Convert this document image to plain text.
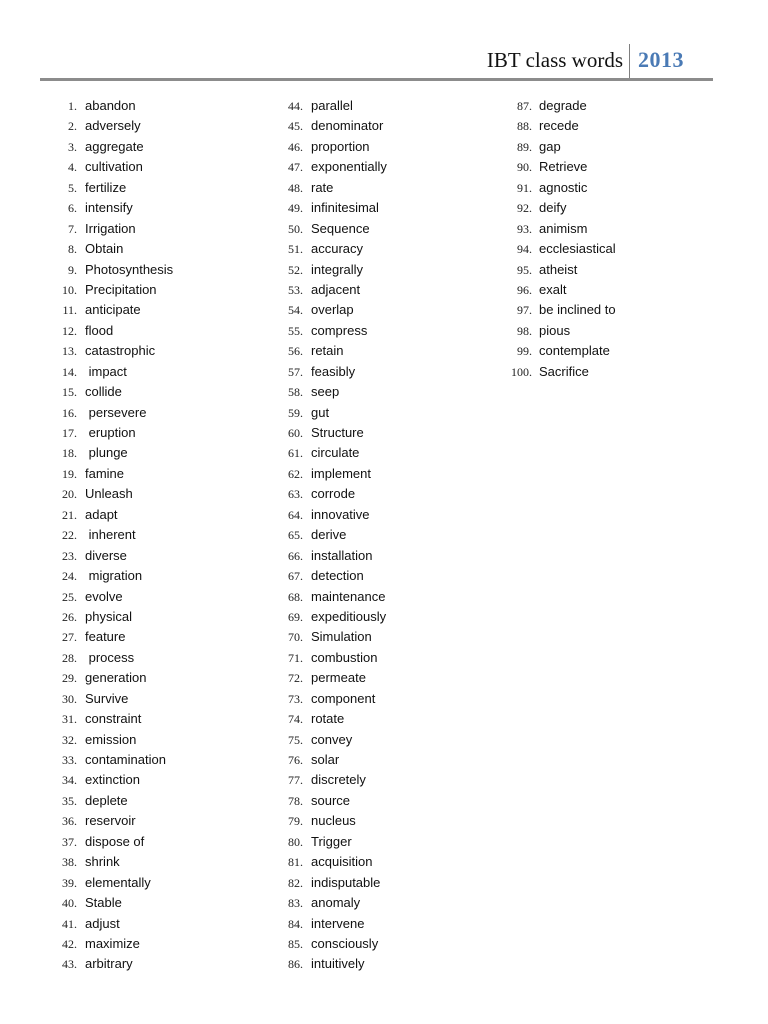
IBT class words 2013
1. abandon
2. adversely
3. aggregate
4. cultivation
5. fertilize
6. intensify
7. Irrigation
8. Obtain
9. Photosynthesis
10. Precipitation
11. anticipate
12. flood
13. catastrophic
14. impact
15. collide
16. persevere
17. eruption
18. plunge
19. famine
20. Unleash
21. adapt
22. inherent
23. diverse
24. migration
25. evolve
26. physical
27. feature
28. process
29. generation
30. Survive
31. constraint
32. emission
33. contamination
34. extinction
35. deplete
36. reservoir
37. dispose of
38. shrink
39. elementally
40. Stable
41. adjust
42. maximize
43. arbitrary
44. parallel
45. denominator
46. proportion
47. exponentially
48. rate
49. infinitesimal
50. Sequence
51. accuracy
52. integrally
53. adjacent
54. overlap
55. compress
56. retain
57. feasibly
58. seep
59. gut
60. Structure
61. circulate
62. implement
63. corrode
64. innovative
65. derive
66. installation
67. detection
68. maintenance
69. expeditiously
70. Simulation
71. combustion
72. permeate
73. component
74. rotate
75. convey
76. solar
77. discretely
78. source
79. nucleus
80. Trigger
81. acquisition
82. indisputable
83. anomaly
84. intervene
85. consciously
86. intuitively
87. degrade
88. recede
89. gap
90. Retrieve
91. agnostic
92. deify
93. animism
94. ecclesiastical
95. atheist
96. exalt
97. be inclined to
98. pious
99. contemplate
100. Sacrifice
